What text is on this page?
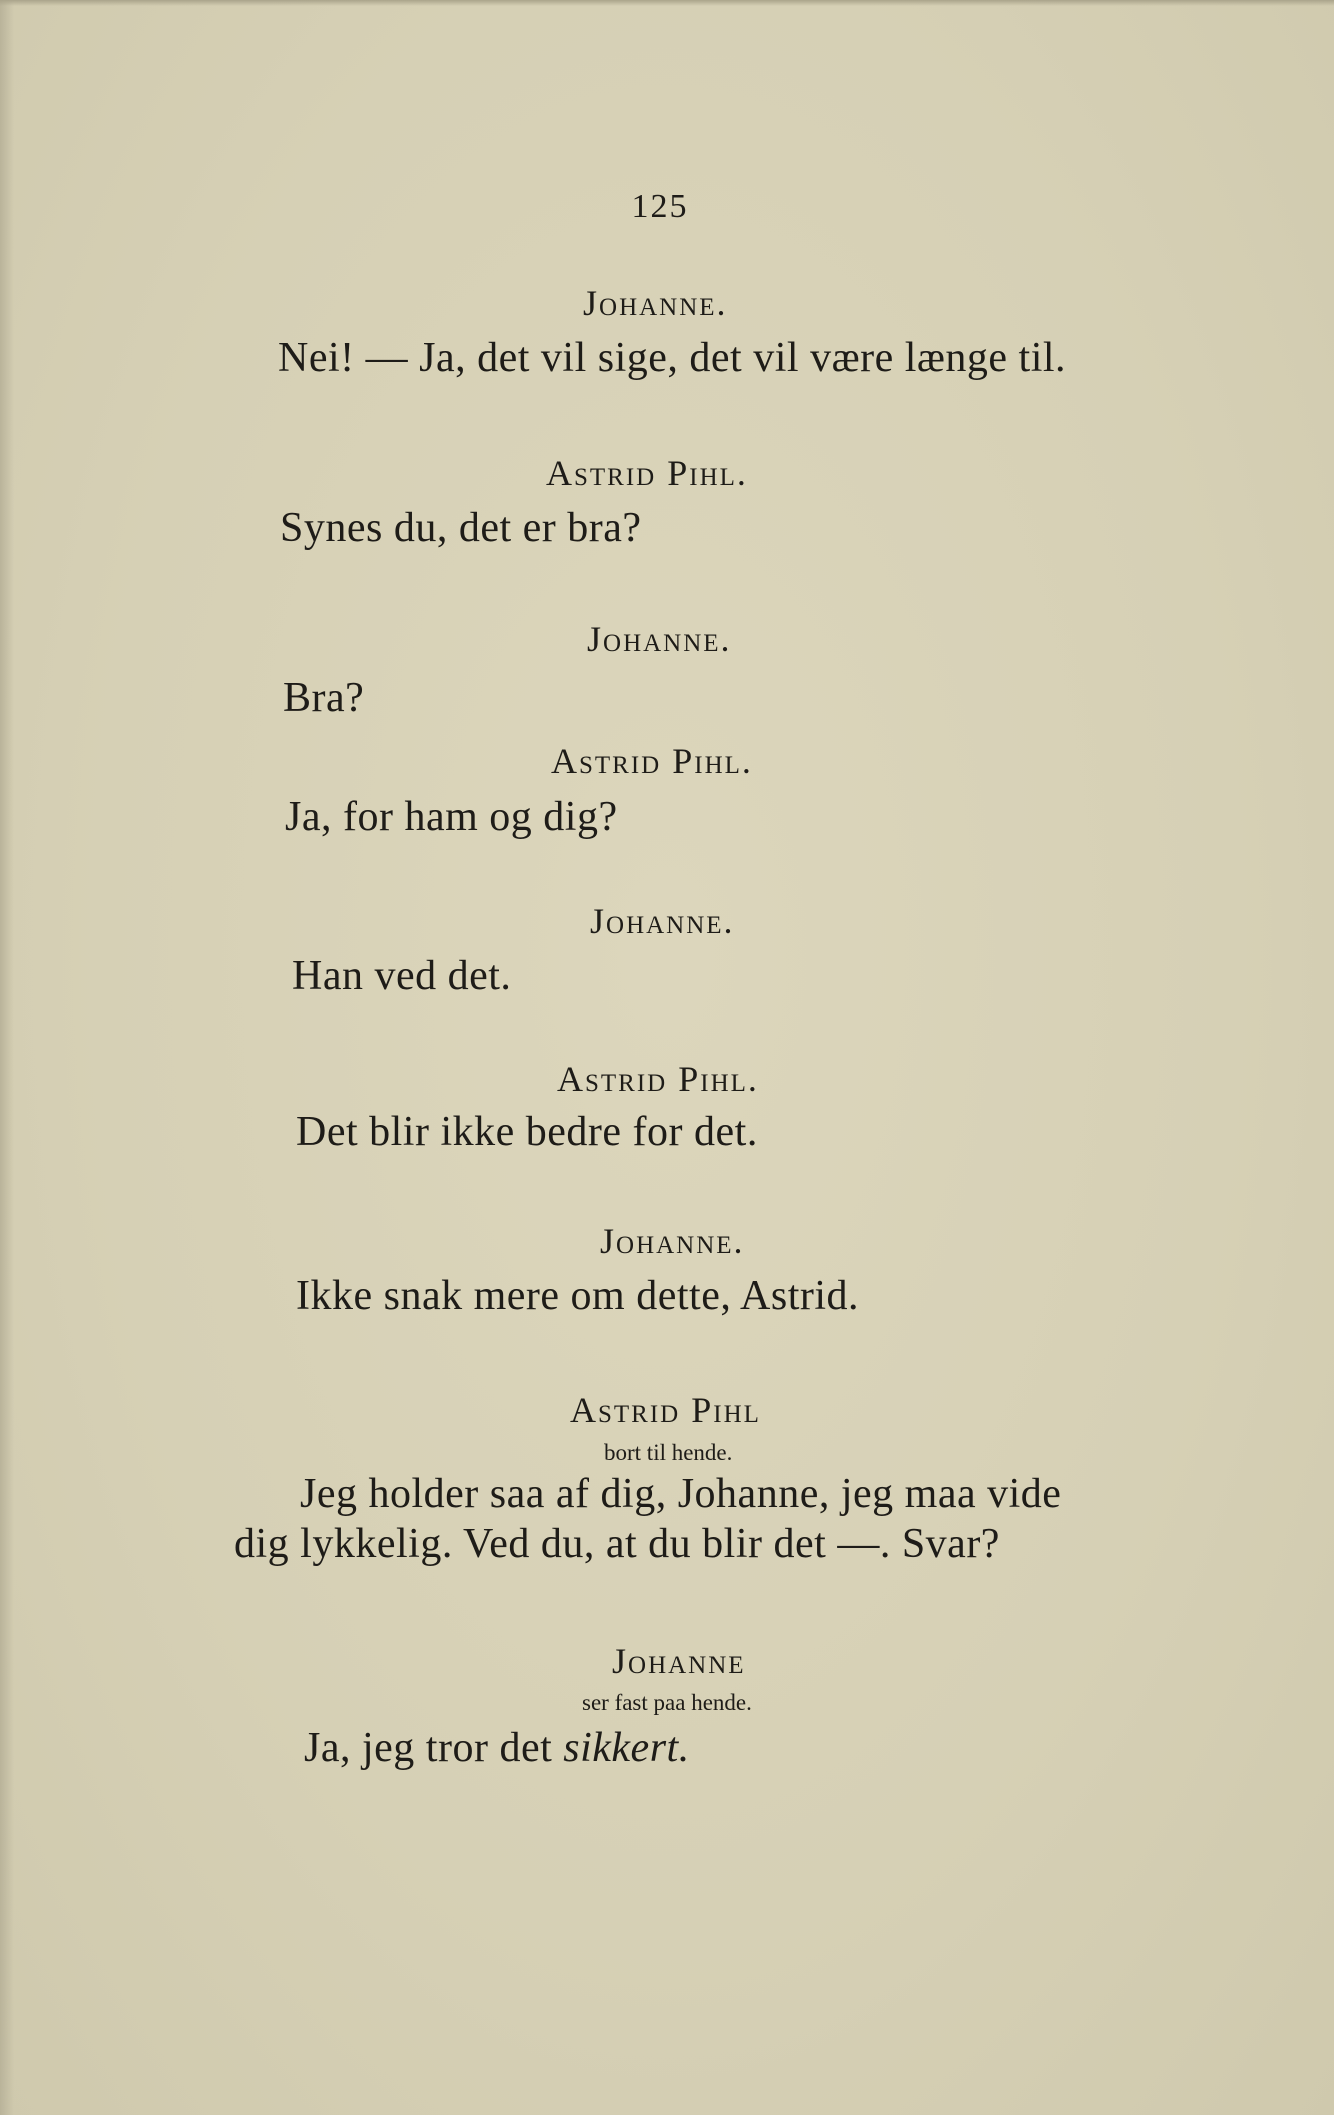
125
Johanne.
Nei! — Ja, det vil sige, det vil være længe til.
Astrid Pihl.
Synes du, det er bra?
Johanne.
Bra?
Astrid Pihl.
Ja, for ham og dig?
Johanne.
Han ved det.
Astrid Pihl.
Det blir ikke bedre for det.
Johanne.
Ikke snak mere om dette, Astrid.
Astrid Pihl
bort til hende.
Jeg holder saa af dig, Johanne, jeg maa vide
dig lykkelig. Ved du, at du blir det —. Svar?
Johanne
ser fast paa hende.
Ja, jeg tror det sikkert.
